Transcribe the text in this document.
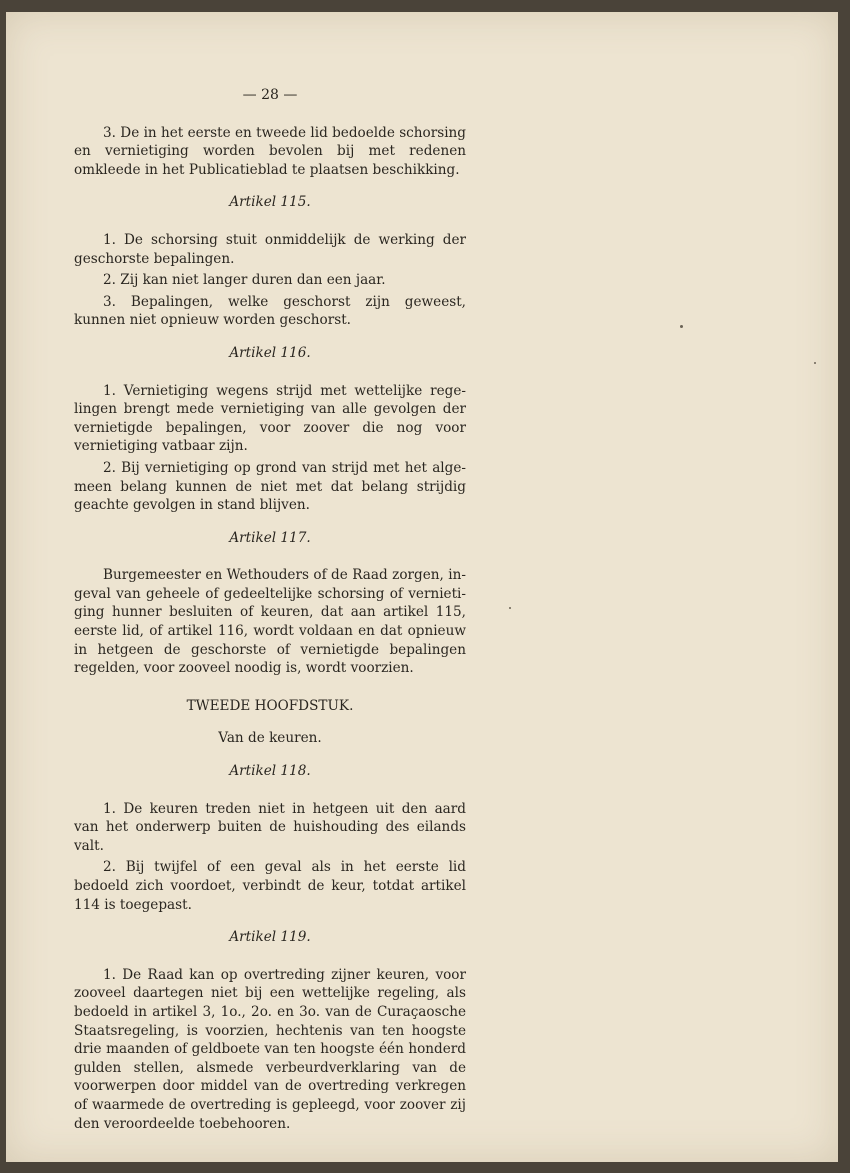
— 28 —

3. De in het eerste en tweede lid bedoelde schorsing en vernietiging worden bevolen bij met redenen omkleede in het Publicatieblad te plaatsen beschikking.

Artikel 115.

1. De schorsing stuit onmiddelijk de werking der geschorste bepalingen.

2. Zij kan niet langer duren dan een jaar.

3. Bepalingen, welke geschorst zijn geweest, kunnen niet opnieuw worden geschorst.

Artikel 116.

1. Vernietiging wegens strijd met wettelijke regelingen brengt mede vernietiging van alle gevolgen der vernietigde bepalingen, voor zoover die nog voor vernietiging vatbaar zijn.

2. Bij vernietiging op grond van strijd met het algemeen belang kunnen de niet met dat belang strijdig geachte gevolgen in stand blijven.

Artikel 117.

Burgemeester en Wethouders of de Raad zorgen, ingeval van geheele of gedeeltelijke schorsing of vernietiging hunner besluiten of keuren, dat aan artikel 115, eerste lid, of artikel 116, wordt voldaan en dat opnieuw in hetgeen de geschorste of vernietigde bepalingen regelden, voor zooveel noodig is, wordt voorzien.

TWEEDE HOOFDSTUK.

Van de keuren.

Artikel 118.

1. De keuren treden niet in hetgeen uit den aard van het onderwerp buiten de huishouding des eilands valt.

2. Bij twijfel of een geval als in het eerste lid bedoeld zich voordoet, verbindt de keur, totdat artikel 114 is toegepast.

Artikel 119.

1. De Raad kan op overtreding zijner keuren, voor zooveel daartegen niet bij een wettelijke regeling, als bedoeld in artikel 3, 1o., 2o. en 3o. van de Curaçaosche Staatsregeling, is voorzien, hechtenis van ten hoogste drie maanden of geldboete van ten hoogste één honderd gulden stellen, alsmede verbeurdverklaring van de voorwerpen door middel van de overtreding verkregen of waarmede de overtreding is gepleegd, voor zoover zij den veroordeelde toebehooren.
